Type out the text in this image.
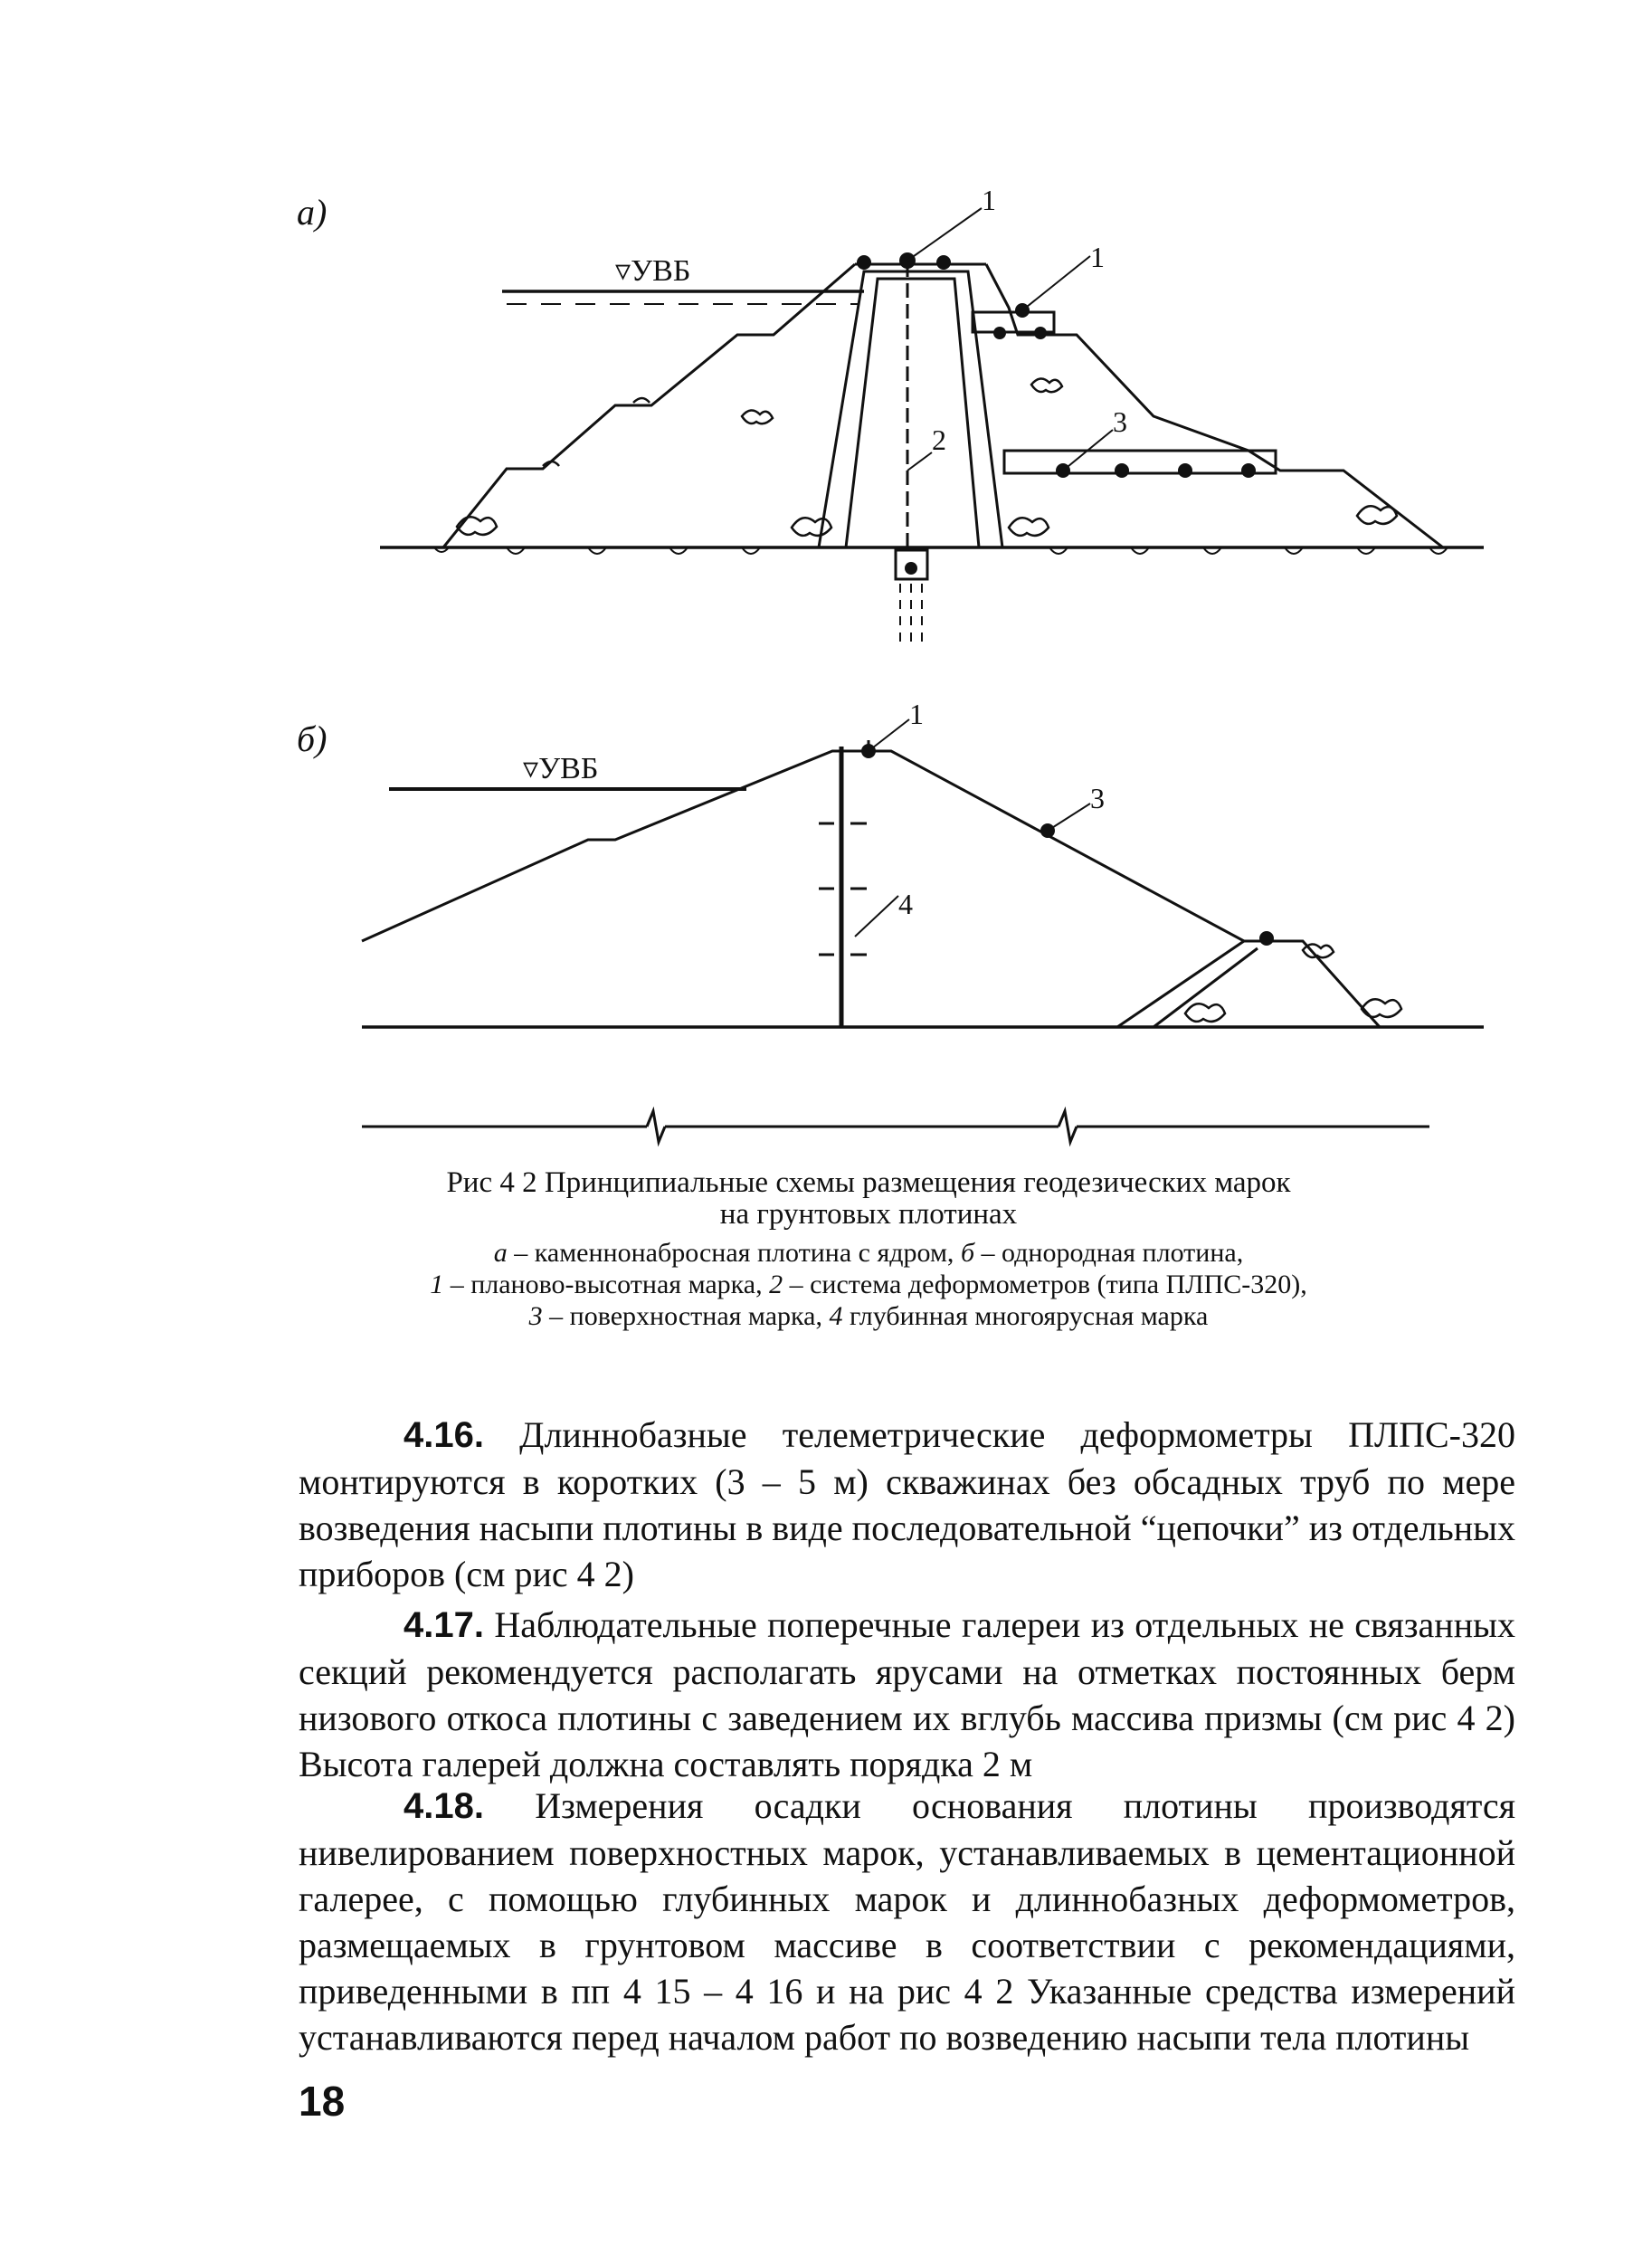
а)
▿УВБ
1
1
2
3
б)
▿УВБ
1
3
4
Рис 4 2 Принципиальные схемы размещения геодезических марок
на грунтовых плотинах
а – каменнонабросная плотина с ядром, б – однородная плотина,
1 – планово-высотная марка, 2 – система деформометров (типа ПЛПС-320),
3 – поверхностная марка, 4 глубинная многоярусная марка

4.16. Длиннобазные телеметрические деформометры ПЛПС-320 монтируются в коротких (3 – 5 м) скважинах без обсадных труб по мере возведения насыпи плотины в виде последовательной “цепочки” из отдельных приборов (см рис 4 2)

4.17. Наблюдательные поперечные галереи из отдельных не связанных секций рекомендуется располагать ярусами на отметках постоянных берм низового откоса плотины с заведением их вглубь массива призмы (см рис 4 2) Высота галерей должна составлять порядка 2 м

4.18. Измерения осадки основания плотины производятся нивелированием поверхностных марок, устанавливаемых в цементационной галерее, с помощью глубинных марок и длиннобазных деформометров, размещаемых в грунтовом массиве в соответствии с рекомендациями, приведенными в пп 4 15 – 4 16 и на рис 4 2 Указанные средства измерений устанавливаются перед началом работ по возведению насыпи тела плотины

18
